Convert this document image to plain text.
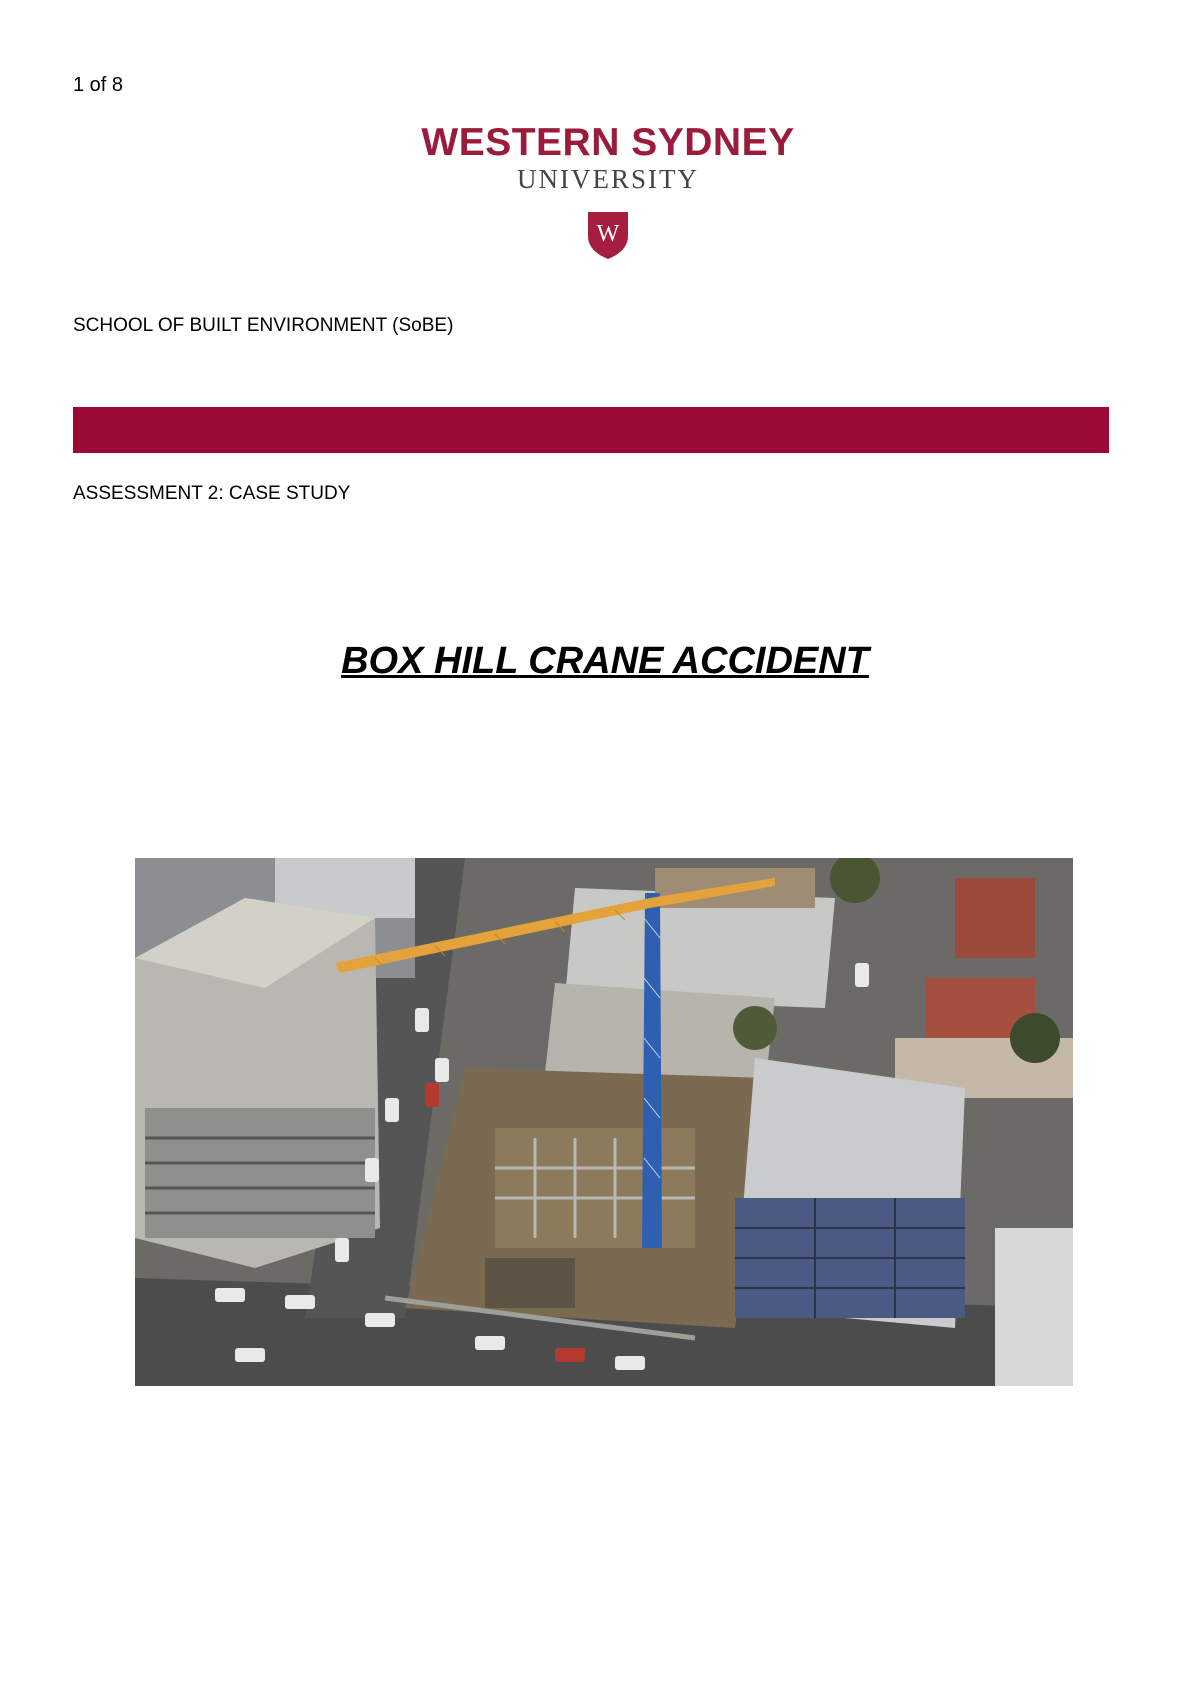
1 of 8
WESTERN SYDNEY
UNIVERSITY
W
SCHOOL OF BUILT ENVIRONMENT (SoBE)
ASSESSMENT 2: CASE STUDY
BOX HILL CRANE ACCIDENT
